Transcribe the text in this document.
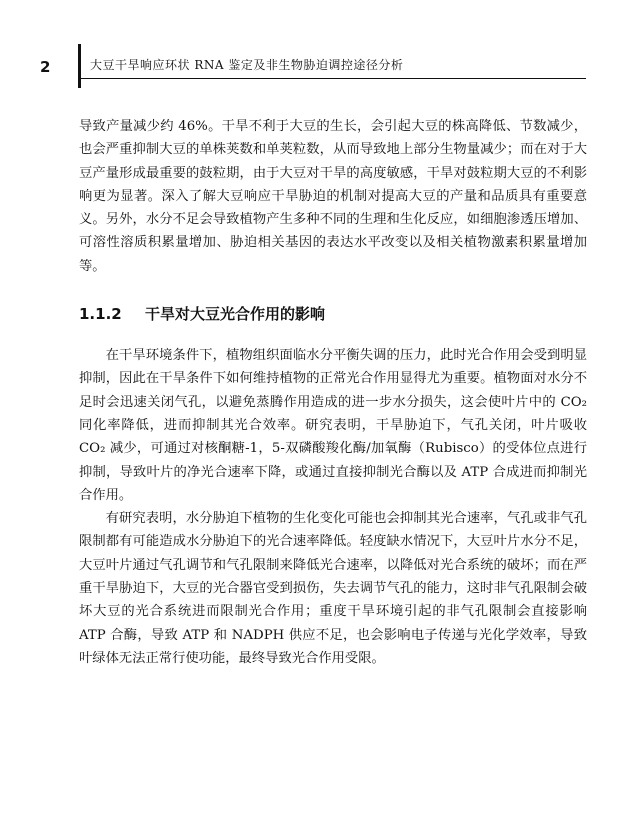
2	大豆干旱响应环状 RNA 鉴定及非生物胁迫调控途径分析

导致产量减少约 46%。干旱不利于大豆的生长，会引起大豆的株高降低、节数减少，也会严重抑制大豆的单株荚数和单荚粒数，从而导致地上部分生物量减少；而在对于大豆产量形成最重要的鼓粒期，由于大豆对干旱的高度敏感，干旱对鼓粒期大豆的不利影响更为显著。深入了解大豆响应干旱胁迫的机制对提高大豆的产量和品质具有重要意义。另外，水分不足会导致植物产生多种不同的生理和生化反应，如细胞渗透压增加、可溶性溶质积累量增加、胁迫相关基因的表达水平改变以及相关植物激素积累量增加等。

1.1.2 干旱对大豆光合作用的影响

在干旱环境条件下，植物组织面临水分平衡失调的压力，此时光合作用会受到明显抑制，因此在干旱条件下如何维持植物的正常光合作用显得尤为重要。植物面对水分不足时会迅速关闭气孔，以避免蒸腾作用造成的进一步水分损失，这会使叶片中的 CO₂ 同化率降低，进而抑制其光合效率。研究表明，干旱胁迫下，气孔关闭，叶片吸收 CO₂ 减少，可通过对核酮糖-1，5-双磷酸羧化酶/加氧酶（Rubisco）的受体位点进行抑制，导致叶片的净光合速率下降，或通过直接抑制光合酶以及 ATP 合成进而抑制光合作用。

有研究表明，水分胁迫下植物的生化变化可能也会抑制其光合速率，气孔或非气孔限制都有可能造成水分胁迫下的光合速率降低。轻度缺水情况下，大豆叶片水分不足，大豆叶片通过气孔调节和气孔限制来降低光合速率，以降低对光合系统的破坏；而在严重干旱胁迫下，大豆的光合器官受到损伤，失去调节气孔的能力，这时非气孔限制会破坏大豆的光合系统进而限制光合作用；重度干旱环境引起的非气孔限制会直接影响 ATP 合酶，导致 ATP 和 NADPH 供应不足，也会影响电子传递与光化学效率，导致叶绿体无法正常行使功能，最终导致光合作用受限。
